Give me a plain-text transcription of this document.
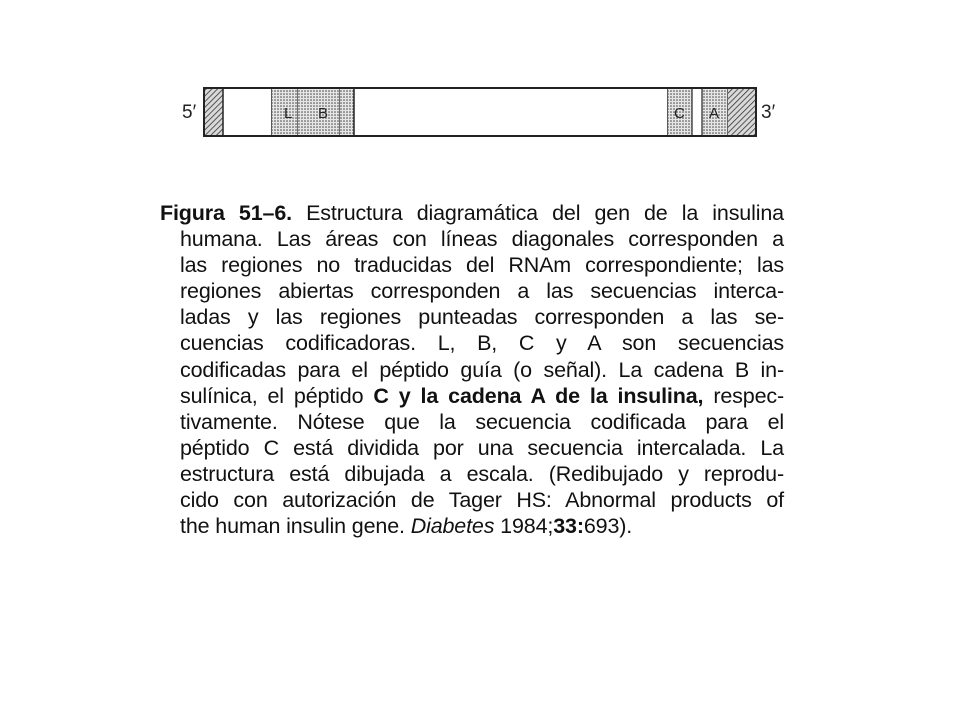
5′	L B	C A 3′
Figura 51–6. Estructura diagramática del gen de la insulina
humana. Las áreas con líneas diagonales corresponden a
las regiones no traducidas del RNAm correspondiente; las
regiones abiertas corresponden a las secuencias interca-
ladas y las regiones punteadas corresponden a las se-
cuencias codificadoras. L, B, C y A son secuencias
codificadas para el péptido guía (o señal). La cadena B in-
sulínica, el péptido C y la cadena A de la insulina, respec-
tivamente. Nótese que la secuencia codificada para el
péptido C está dividida por una secuencia intercalada. La
estructura está dibujada a escala. (Redibujado y reprodu-
cido con autorización de Tager HS: Abnormal products of
the human insulin gene. Diabetes 1984;33:693).
